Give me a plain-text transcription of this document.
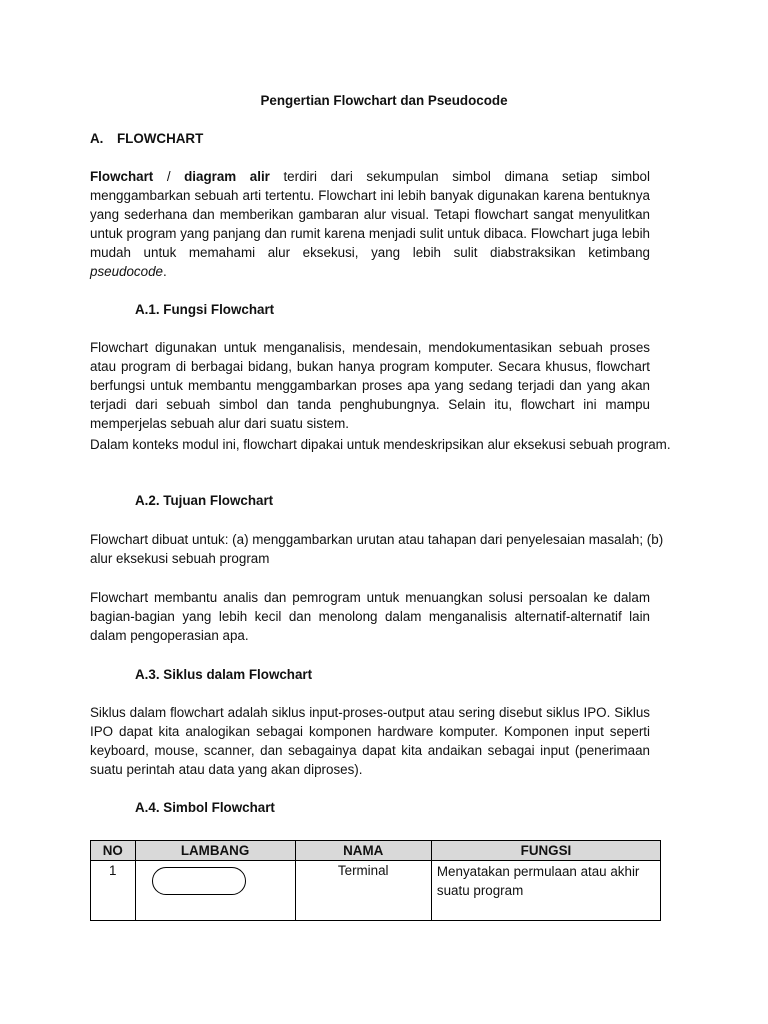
Pengertian Flowchart dan Pseudocode
A. FLOWCHART
Flowchart / diagram alir terdiri dari sekumpulan simbol dimana setiap simbol menggambarkan sebuah arti tertentu. Flowchart ini lebih banyak digunakan karena bentuknya yang sederhana dan memberikan gambaran alur visual. Tetapi flowchart sangat menyulitkan untuk program yang panjang dan rumit karena menjadi sulit untuk dibaca. Flowchart juga lebih mudah untuk memahami alur eksekusi, yang lebih sulit diabstraksikan ketimbang pseudocode.
A.1. Fungsi Flowchart
Flowchart digunakan untuk menganalisis, mendesain, mendokumentasikan sebuah proses atau program di berbagai bidang, bukan hanya program komputer. Secara khusus, flowchart berfungsi untuk membantu menggambarkan proses apa yang sedang terjadi dan yang akan terjadi dari sebuah simbol dan tanda penghubungnya. Selain itu, flowchart ini mampu memperjelas sebuah alur dari suatu sistem.
Dalam konteks modul ini, flowchart dipakai untuk mendeskripsikan alur eksekusi sebuah program.
A.2. Tujuan Flowchart
Flowchart dibuat untuk: (a) menggambarkan urutan atau tahapan dari penyelesaian masalah; (b) alur eksekusi sebuah program
Flowchart membantu analis dan pemrogram untuk menuangkan solusi persoalan ke dalam bagian-bagian yang lebih kecil dan menolong dalam menganalisis alternatif-alternatif lain dalam pengoperasian apa.
A.3. Siklus dalam Flowchart
Siklus dalam flowchart adalah siklus input-proses-output atau sering disebut siklus IPO. Siklus IPO dapat kita analogikan sebagai komponen hardware komputer. Komponen input seperti keyboard, mouse, scanner, dan sebagainya dapat kita andaikan sebagai input (penerimaan suatu perintah atau data yang akan diproses).
A.4. Simbol Flowchart
NO	LAMBANG	NAMA	FUNGSI
1		Terminal	Menyatakan permulaan atau akhir suatu program
